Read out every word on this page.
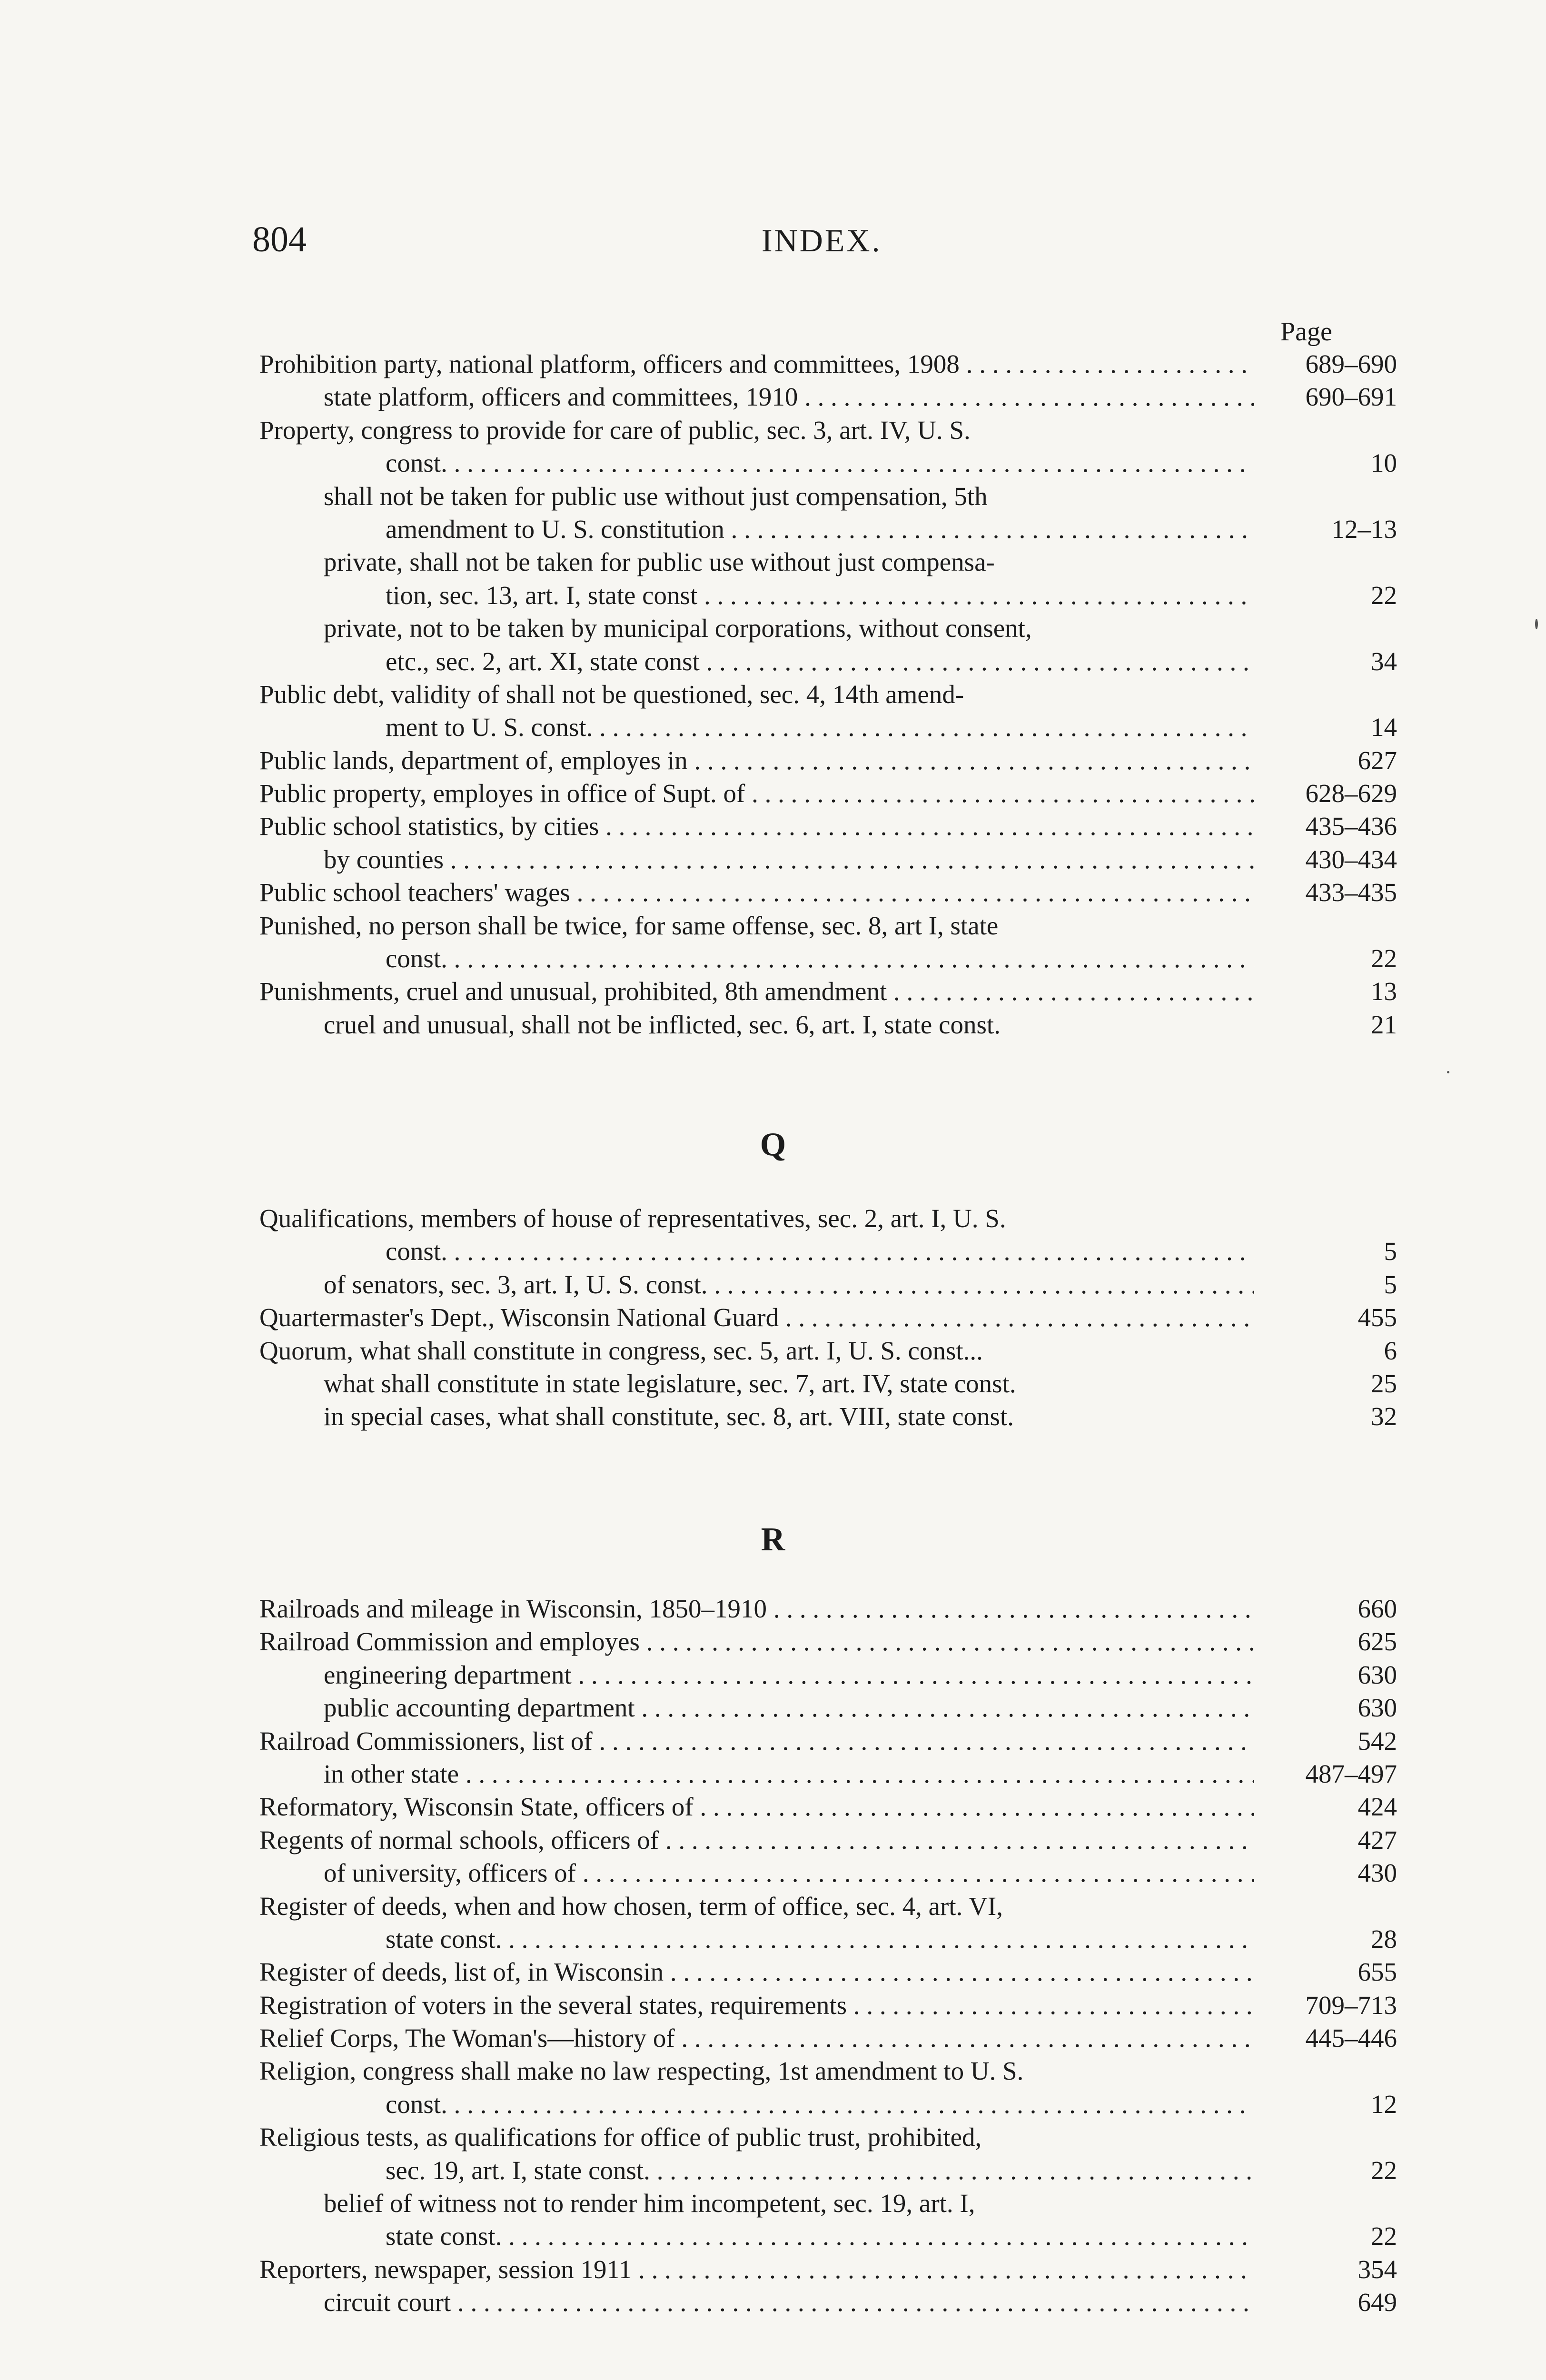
804	INDEX.
Page
Prohibition party, national platform, officers and committees, 1908 . . .	689–690
state platform, officers and committees, 1910 . . .	690–691
Property, congress to provide for care of public, sec. 3, art. IV, U. S.
const. . . .	10
shall not be taken for public use without just compensation, 5th
amendment to U. S. constitution . . .	12–13
private, shall not be taken for public use without just compensa-
tion, sec. 13, art. I, state const . . .	22
private, not to be taken by municipal corporations, without consent,
etc., sec. 2, art. XI, state const . . .	34
Public debt, validity of shall not be questioned, sec. 4, 14th amend-
ment to U. S. const. . . .	14
Public lands, department of, employes in . . .	627
Public property, employes in office of Supt. of . . .	628–629
Public school statistics, by cities . . .	435–436
by counties . . .	430–434
Public school teachers' wages . . .	433–435
Punished, no person shall be twice, for same offense, sec. 8, art I, state
const. . . .	22
Punishments, cruel and unusual, prohibited, 8th amendment . . .	13
cruel and unusual, shall not be inflicted, sec. 6, art. I, state const.	21
Q
Qualifications, members of house of representatives, sec. 2, art. I, U. S.
const. . . .	5
of senators, sec. 3, art. I, U. S. const. . . .	5
Quartermaster's Dept., Wisconsin National Guard . . .	455
Quorum, what shall constitute in congress, sec. 5, art. I, U. S. const...	6
what shall constitute in state legislature, sec. 7, art. IV, state const.	25
in special cases, what shall constitute, sec. 8, art. VIII, state const.	32
R
Railroads and mileage in Wisconsin, 1850–1910 . . .	660
Railroad Commission and employes . . .	625
engineering department . . .	630
public accounting department . . .	630
Railroad Commissioners, list of . . .	542
in other state . . .	487–497
Reformatory, Wisconsin State, officers of . . .	424
Regents of normal schools, officers of . . .	427
of university, officers of . . .	430
Register of deeds, when and how chosen, term of office, sec. 4, art. VI,
state const. . . .	28
Register of deeds, list of, in Wisconsin . . .	655
Registration of voters in the several states, requirements . . .	709–713
Relief Corps, The Woman's—history of . . .	445–446
Religion, congress shall make no law respecting, 1st amendment to U. S.
const. . . .	12
Religious tests, as qualifications for office of public trust, prohibited,
sec. 19, art. I, state const. . . .	22
belief of witness not to render him incompetent, sec. 19, art. I,
state const. . . .	22
Reporters, newspaper, session 1911 . . .	354
circuit court . . .	649
